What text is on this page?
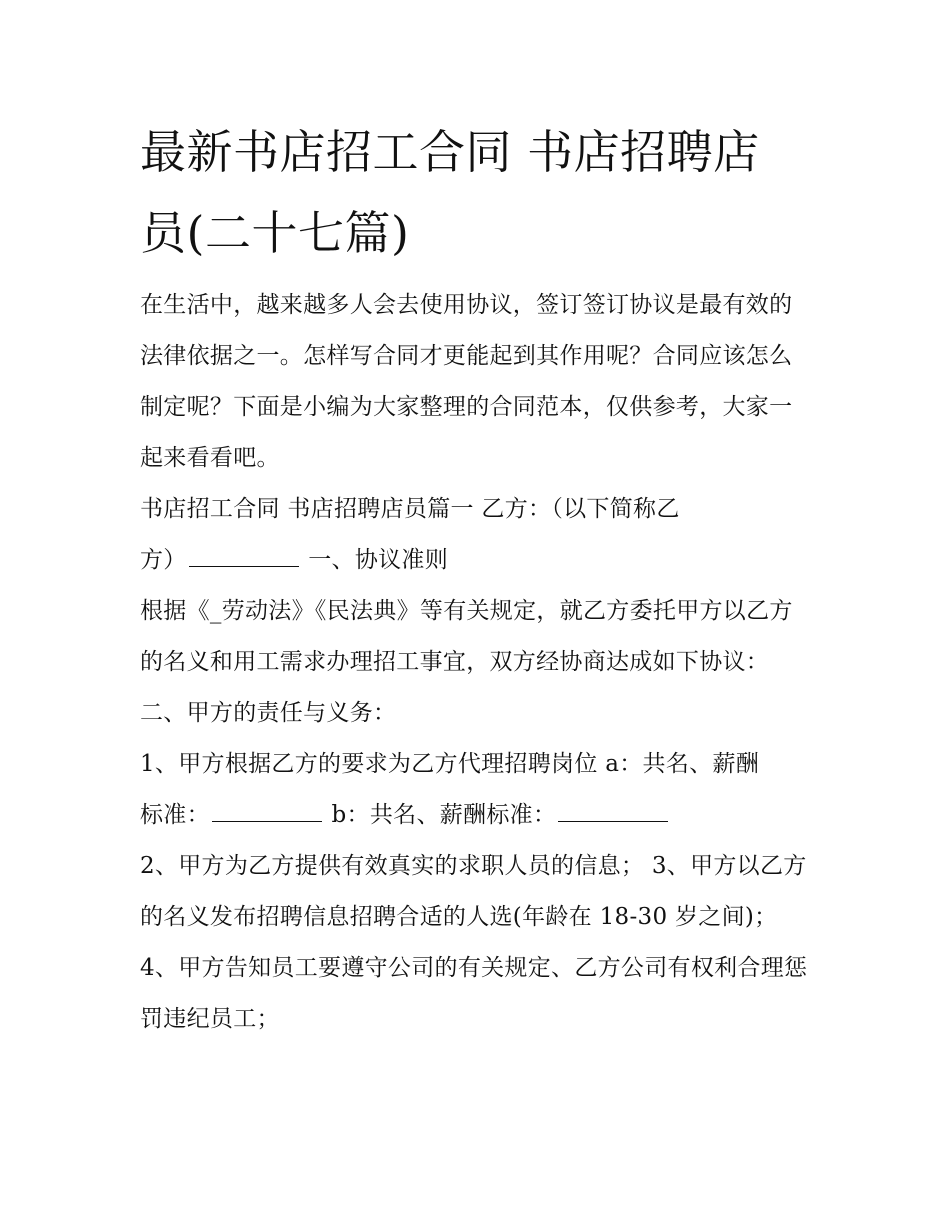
最新书店招工合同 书店招聘店
员(二十七篇)

在生活中，越来越多人会去使用协议，签订签订协议是最有效的法律依据之一。怎样写合同才更能起到其作用呢？合同应该怎么制定呢？下面是小编为大家整理的合同范本，仅供参考，大家一起来看看吧。

书店招工合同 书店招聘店员篇一 乙方：（以下简称乙

方）	一、协议准则

根据《_劳动法》《民法典》等有关规定，就乙方委托甲方以乙方的名义和用工需求办理招工事宜，双方经协商达成如下协议： 二、甲方的责任与义务：

1、甲方根据乙方的要求为乙方代理招聘岗位 a：共名、薪酬

标准：	b：共名、薪酬标准：

2、甲方为乙方提供有效真实的求职人员的信息； 3、甲方以乙方的名义发布招聘信息招聘合适的人选(年龄在 18-30 岁之间)；

4、甲方告知员工要遵守公司的有关规定、乙方公司有权利合理惩罚违纪员工；
